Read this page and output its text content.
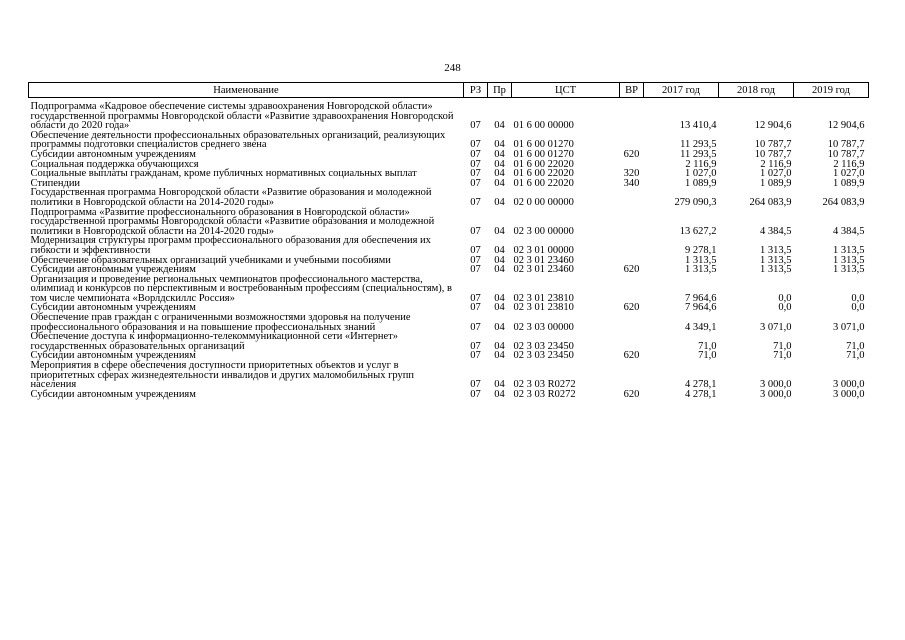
248
Наименование	РЗ	Пр	ЦСТ	ВР	2017 год	2018 год	2019 год

Подпрограмма «Кадровое обеспечение системы здравоохранения Новгородской области» государственной программы Новгородской области «Развитие здравоохранения Новгородской области до 2020 года»	07	04	01 6 00 00000		13 410,4	12 904,6	12 904,6
Обеспечение деятельности профессиональных образовательных организаций, реализующих программы подготовки специалистов среднего звена	07	04	01 6 00 01270		11 293,5	10 787,7	10 787,7
Субсидии автономным учреждениям	07	04	01 6 00 01270	620	11 293,5	10 787,7	10 787,7
Социальная поддержка обучающихся	07	04	01 6 00 22020		2 116,9	2 116,9	2 116,9
Социальные выплаты гражданам, кроме публичных нормативных социальных выплат	07	04	01 6 00 22020	320	1 027,0	1 027,0	1 027,0
Стипендии	07	04	01 6 00 22020	340	1 089,9	1 089,9	1 089,9
Государственная программа Новгородской области «Развитие образования и молодежной политики в Новгородской области на 2014-2020 годы»	07	04	02 0 00 00000		279 090,3	264 083,9	264 083,9
Подпрограмма «Развитие профессионального образования в Новгородской области» государственной программы Новгородской области «Развитие образования и молодежной политики в Новгородской области на 2014-2020 годы»	07	04	02 3 00 00000		13 627,2	4 384,5	4 384,5
Модернизация структуры программ профессионального образования для обеспечения их гибкости и эффективности	07	04	02 3 01 00000		9 278,1	1 313,5	1 313,5
Обеспечение образовательных организаций учебниками и учебными пособиями	07	04	02 3 01 23460		1 313,5	1 313,5	1 313,5
Субсидии автономным учреждениям	07	04	02 3 01 23460	620	1 313,5	1 313,5	1 313,5
Организация и проведение региональных чемпионатов профессионального мастерства, олимпиад и конкурсов по перспективным и востребованным профессиям (специальностям), в том числе чемпионата «Ворлдскиллс Россия»	07	04	02 3 01 23810		7 964,6	0,0	0,0
Субсидии автономным учреждениям	07	04	02 3 01 23810	620	7 964,6	0,0	0,0
Обеспечение прав граждан с ограниченными возможностями здоровья на получение профессионального образования и на повышение профессиональных знаний	07	04	02 3 03 00000		4 349,1	3 071,0	3 071,0
Обеспечение доступа к информационно-телекоммуникационной сети «Интернет» государственных образовательных организаций	07	04	02 3 03 23450		71,0	71,0	71,0
Субсидии автономным учреждениям	07	04	02 3 03 23450	620	71,0	71,0	71,0
Мероприятия в сфере обеспечения доступности приоритетных объектов и услуг в приоритетных сферах жизнедеятельности инвалидов и других маломобильных групп населения	07	04	02 3 03 R0272		4 278,1	3 000,0	3 000,0
Субсидии автономным учреждениям	07	04	02 3 03 R0272	620	4 278,1	3 000,0	3 000,0
